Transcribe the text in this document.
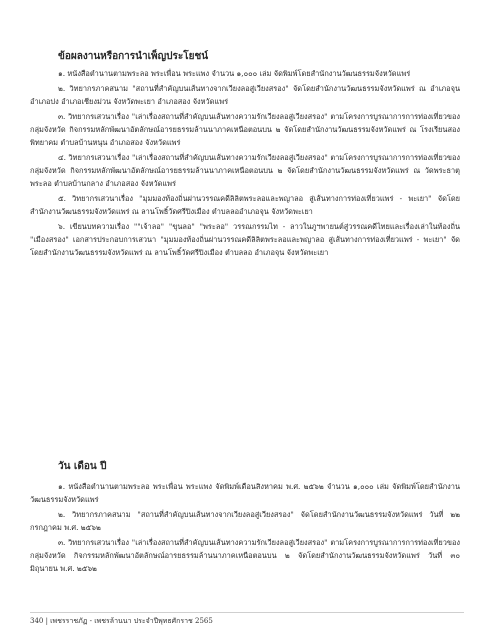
ข้อผลงานหรือการนำเพ็ญประโยชน์

๑. หนังสือตำนานตามพระลอ พระเพื่อน พระแพง จำนวน ๑,๐๐๐ เล่ม จัดพิมพ์โดยสำนักงานวัฒนธรรมจังหวัดแพร่

๒. วิทยากรภาคสนาม "สถานที่สำคัญบนเส้นทางจากเวียงลอสู่เวียงสรอง" จัดโดยสำนักงานวัฒนธรรมจังหวัดแพร่ ณ อำเภอจุน อำเภอปง อำเภอเชียงม่วน จังหวัดพะเยา อำเภอสอง จังหวัดแพร่

๓. วิทยากรเสวนาเรื่อง "เล่าเรื่องสถานที่สำคัญบนเส้นทางความรักเวียงลอสู่เวียงสรอง" ตามโครงการบูรณาการการท่องเที่ยวของกลุ่มจังหวัด กิจกรรมหลักพัฒนาอัตลักษณ์อารยธรรมล้านนาภาคเหนือตอนบน ๒ จัดโดยสำนักงานวัฒนธรรมจังหวัดแพร่ ณ โรงเรียนสองพิทยาคม ตำบลบ้านหนุน อำเภอสอง จังหวัดแพร่

๔. วิทยากรเสวนาเรื่อง "เล่าเรื่องสถานที่สำคัญบนเส้นทางความรักเวียงลอสู่เวียงสรอง" ตามโครงการบูรณาการการท่องเที่ยวของกลุ่มจังหวัด กิจกรรมหลักพัฒนาอัตลักษณ์อารยธรรมล้านนาภาคเหนือตอนบน ๒ จัดโดยสำนักงานวัฒนธรรมจังหวัดแพร่ ณ วัดพระธาตุพระลอ ตำบลบ้านกลาง อำเภอสอง จังหวัดแพร่

๕. วิทยากรเสวนาเรื่อง "มุมมองท้องถิ่นผ่านวรรณคดีลิลิตพระลอและพญาลอ สู่เส้นทางการท่องเที่ยวแพร่ - พะเยา" จัดโดยสำนักงานวัฒนธรรมจังหวัดแพร่ ณ ลานโพธิ์วัดศรีปิงเมือง ตำบลลออำเภอจุน จังหวัดพะเยา

๖. เขียนบทความเรื่อง ""เจ้าลอ" "ขุนลอ" "พระลอ" วรรณกรรมไท - ลาวในภูฯพายนต์สู่วรรณคดีไทยและเรื่องเล่าในท้องถิ่น "เมืองสรอง" เอกสารประกอบการเสวนา "มุมมองท้องถิ่นผ่านวรรณคดีลิลิตพระลอและพญาลอ สู่เส้นทางการท่องเที่ยวแพร่ - พะเยา" จัดโดยสำนักงานวัฒนธรรมจังหวัดแพร่ ณ ลานโพธิ์วัดศรีปิงเมือง ตำบลลอ อำเภอจุน จังหวัดพะเยา

วัน เดือน ปี

๑. หนังสือตำนานตามพระลอ พระเพื่อน พระแพง จัดพิมพ์เดือนสิงหาคม พ.ศ. ๒๕๖๒ จำนวน ๑,๐๐๐ เล่ม จัดพิมพ์โดยสำนักงานวัฒนธรรมจังหวัดแพร่

๒. วิทยากรภาคสนาม "สถานที่สำคัญบนเส้นทางจากเวียงลอสู่เวียงสรอง" จัดโดยสำนักงานวัฒนธรรมจังหวัดแพร่ วันที่ ๒๒ กรกฎาคม พ.ศ. ๒๕๖๒

๓. วิทยากรเสวนาเรื่อง "เล่าเรื่องสถานที่สำคัญบนเส้นทางความรักเวียงลอสู่เวียงสรอง" ตามโครงการบูรณาการการท่องเที่ยวของกลุ่มจังหวัด กิจกรรมหลักพัฒนาอัตลักษณ์อารยธรรมล้านนาภาคเหนือตอนบน ๒ จัดโดยสำนักงานวัฒนธรรมจังหวัดแพร่ วันที่ ๓๐ มิถุนายน พ.ศ. ๒๕๖๒

340 | เพชรราชภัฏ - เพชรล้านนา ประจำปีพุทธศักราช 2565
